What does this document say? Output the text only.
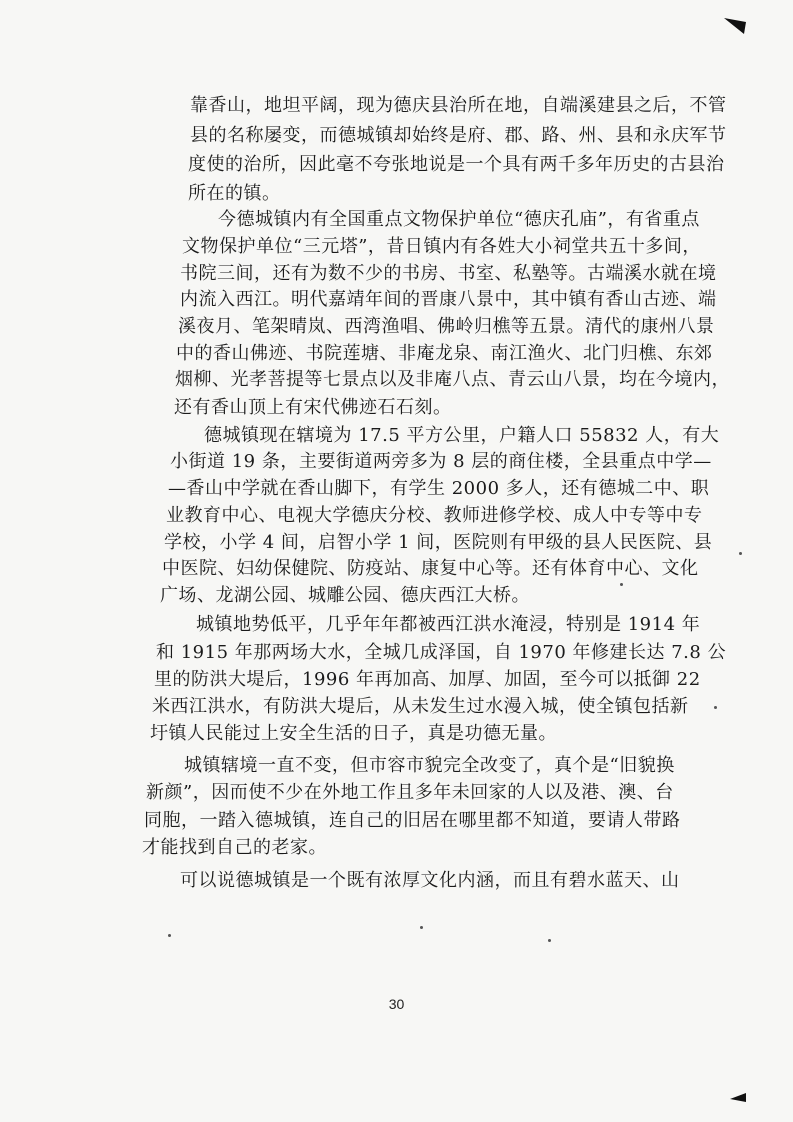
靠香山，地坦平阔，现为德庆县治所在地，自端溪建县之后，不管
县的名称屡变，而德城镇却始终是府、郡、路、州、县和永庆军节
度使的治所，因此毫不夸张地说是一个具有两千多年历史的古县治
所在的镇。
今德城镇内有全国重点文物保护单位“德庆孔庙”，有省重点
文物保护单位“三元塔”，昔日镇内有各姓大小祠堂共五十多间，
书院三间，还有为数不少的书房、书室、私塾等。古端溪水就在境
内流入西江。明代嘉靖年间的晋康八景中，其中镇有香山古迹、端
溪夜月、笔架晴岚、西湾渔唱、佛岭归樵等五景。清代的康州八景
中的香山佛迹、书院莲塘、非庵龙泉、南江渔火、北门归樵、东郊
烟柳、光孝菩提等七景点以及非庵八点、青云山八景，均在今境内，
还有香山顶上有宋代佛迹石石刻。
德城镇现在辖境为 17.5 平方公里，户籍人口 55832 人，有大
小街道 19 条，主要街道两旁多为 8 层的商住楼，全县重点中学—
—香山中学就在香山脚下，有学生 2000 多人，还有德城二中、职
业教育中心、电视大学德庆分校、教师进修学校、成人中专等中专
学校，小学 4 间，启智小学 1 间，医院则有甲级的县人民医院、县
中医院、妇幼保健院、防疫站、康复中心等。还有体育中心、文化
广场、龙湖公园、城雕公园、德庆西江大桥。
城镇地势低平，几乎年年都被西江洪水淹浸，特别是 1914 年
和 1915 年那两场大水，全城几成泽国，自 1970 年修建长达 7.8 公
里的防洪大堤后，1996 年再加高、加厚、加固，至今可以抵御 22
米西江洪水，有防洪大堤后，从未发生过水漫入城，使全镇包括新
圩镇人民能过上安全生活的日子，真是功德无量。
城镇辖境一直不变，但市容市貌完全改变了，真个是“旧貌换
新颜”，因而使不少在外地工作且多年未回家的人以及港、澳、台
同胞，一踏入德城镇，连自己的旧居在哪里都不知道，要请人带路
才能找到自己的老家。
可以说德城镇是一个既有浓厚文化内涵，而且有碧水蓝天、山
30
